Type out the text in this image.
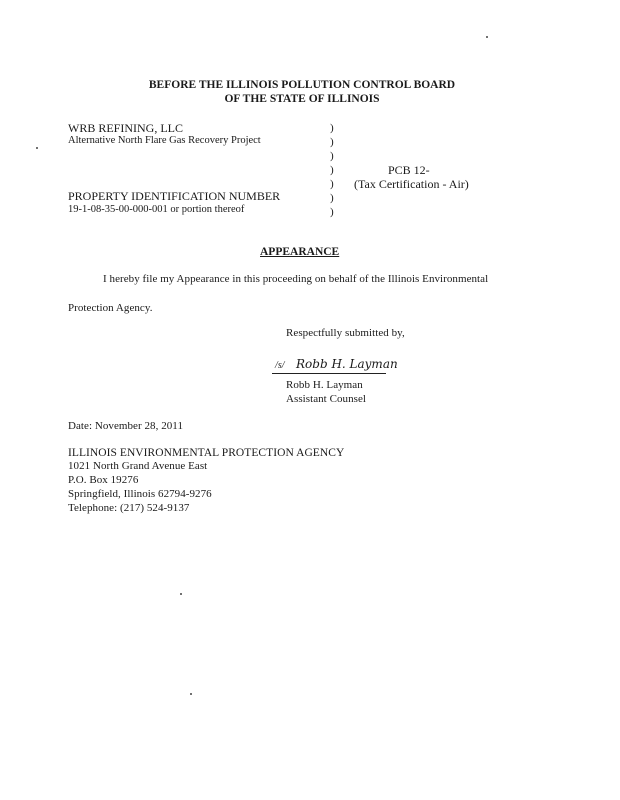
BEFORE THE ILLINOIS POLLUTION CONTROL BOARD
OF THE STATE OF ILLINOIS
WRB REFINING, LLC
Alternative North Flare Gas Recovery Project
PROPERTY IDENTIFICATION NUMBER
19-1-08-35-00-000-001 or portion thereof
)
)
)
)
)
)
)
PCB 12-
(Tax Certification - Air)
APPEARANCE
I hereby file my Appearance in this proceeding on behalf of the Illinois Environmental
Protection Agency.
Respectfully submitted by,
/s/ Robb H. Layman
Robb H. Layman
Assistant Counsel
Date: November 28, 2011
ILLINOIS ENVIRONMENTAL PROTECTION AGENCY
1021 North Grand Avenue East
P.O. Box 19276
Springfield, Illinois 62794-9276
Telephone: (217) 524-9137
